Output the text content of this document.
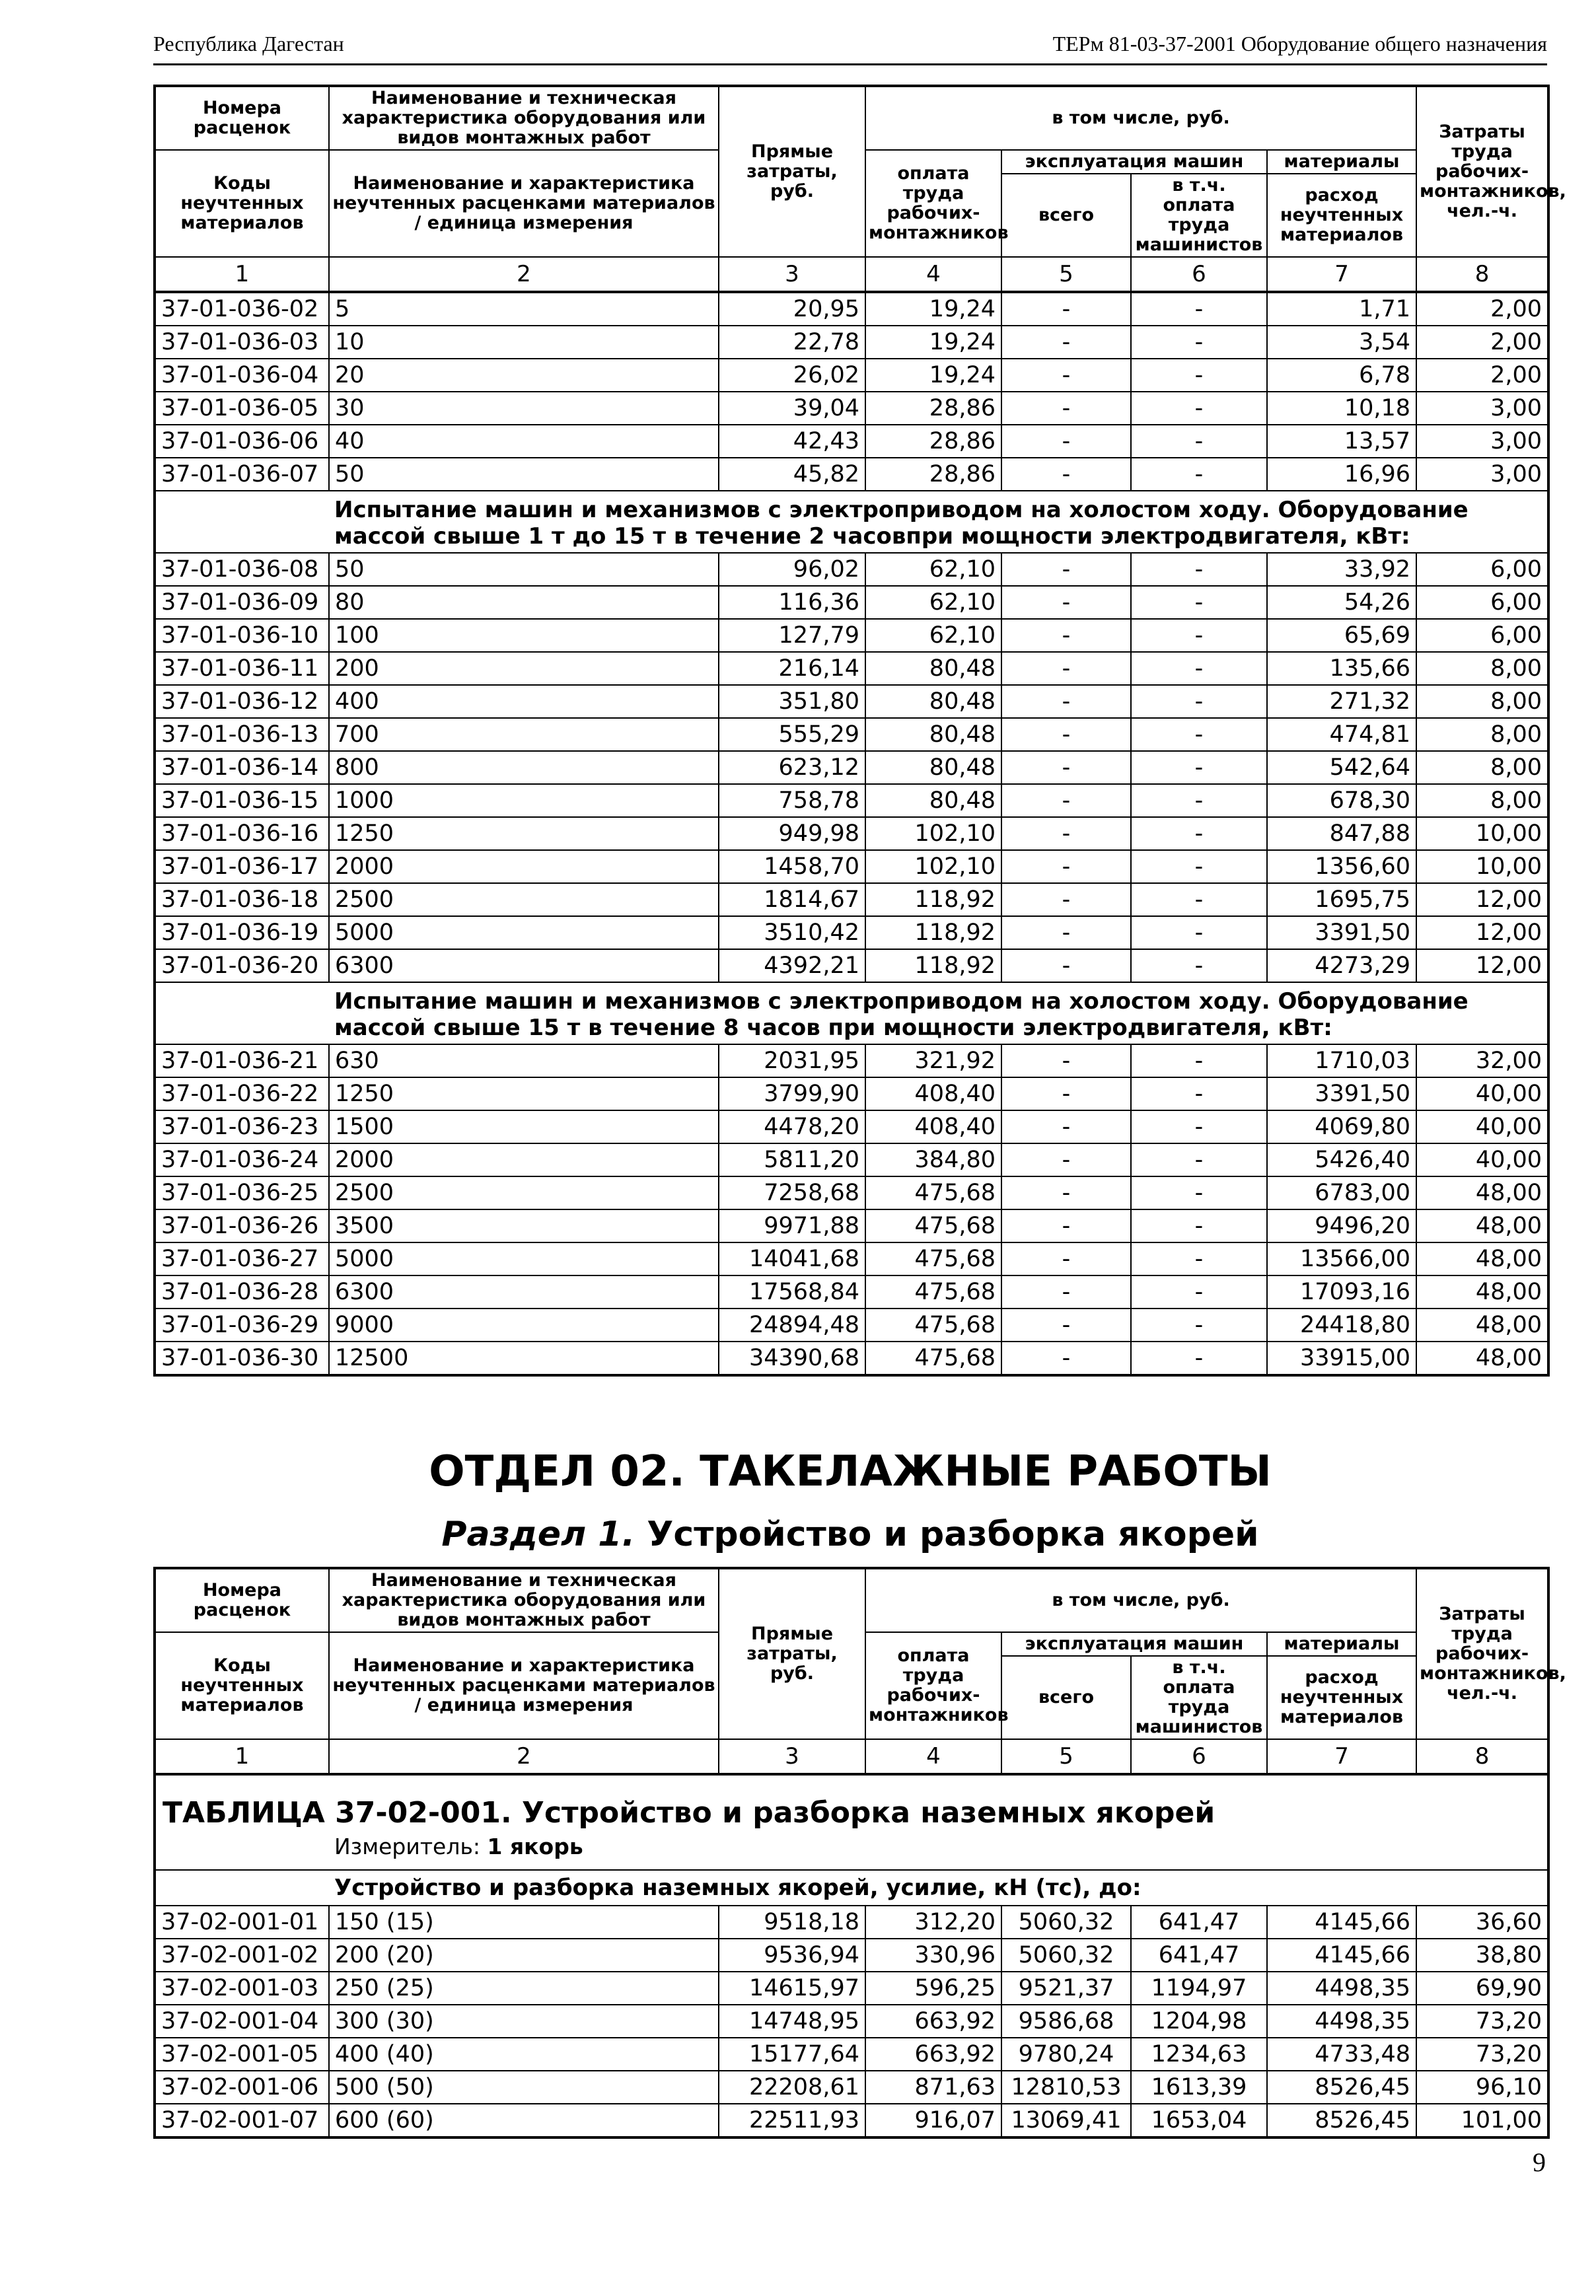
Республика Дагестан	ТЕРм 81-03-37-2001 Оборудование общего назначения
Номера расценок	Наименование и техническая характеристика оборудования или видов монтажных работ	Прямые затраты, руб.	в том числе, руб.				Затраты труда рабочих-монтажников, чел.-ч.
Коды неучтенных материалов	Наименование и характеристика неучтенных расценками материалов / единица измерения		оплата труда рабочих-монтажников	эксплуатация машин		материалы	
				всего	в т.ч. оплата труда машинистов	расход неучтенных материалов	
1	2	3	4	5	6	7	8
37-01-036-02	5	20,95	19,24	-	-	1,71	2,00
37-01-036-03	10	22,78	19,24	-	-	3,54	2,00
37-01-036-04	20	26,02	19,24	-	-	6,78	2,00
37-01-036-05	30	39,04	28,86	-	-	10,18	3,00
37-01-036-06	40	42,43	28,86	-	-	13,57	3,00
37-01-036-07	50	45,82	28,86	-	-	16,96	3,00
Испытание машин и механизмов с электроприводом на холостом ходу. Оборудование массой свыше 1 т до 15 т в течение 2 часовпри мощности электродвигателя, кВт:							
37-01-036-08	50	96,02	62,10	-	-	33,92	6,00
37-01-036-09	80	116,36	62,10	-	-	54,26	6,00
37-01-036-10	100	127,79	62,10	-	-	65,69	6,00
37-01-036-11	200	216,14	80,48	-	-	135,66	8,00
37-01-036-12	400	351,80	80,48	-	-	271,32	8,00
37-01-036-13	700	555,29	80,48	-	-	474,81	8,00
37-01-036-14	800	623,12	80,48	-	-	542,64	8,00
37-01-036-15	1000	758,78	80,48	-	-	678,30	8,00
37-01-036-16	1250	949,98	102,10	-	-	847,88	10,00
37-01-036-17	2000	1458,70	102,10	-	-	1356,60	10,00
37-01-036-18	2500	1814,67	118,92	-	-	1695,75	12,00
37-01-036-19	5000	3510,42	118,92	-	-	3391,50	12,00
37-01-036-20	6300	4392,21	118,92	-	-	4273,29	12,00
Испытание машин и механизмов с электроприводом на холостом ходу. Оборудование массой свыше 15 т в течение 8 часов при мощности электродвигателя, кВт:							
37-01-036-21	630	2031,95	321,92	-	-	1710,03	32,00
37-01-036-22	1250	3799,90	408,40	-	-	3391,50	40,00
37-01-036-23	1500	4478,20	408,40	-	-	4069,80	40,00
37-01-036-24	2000	5811,20	384,80	-	-	5426,40	40,00
37-01-036-25	2500	7258,68	475,68	-	-	6783,00	48,00
37-01-036-26	3500	9971,88	475,68	-	-	9496,20	48,00
37-01-036-27	5000	14041,68	475,68	-	-	13566,00	48,00
37-01-036-28	6300	17568,84	475,68	-	-	17093,16	48,00
37-01-036-29	9000	24894,48	475,68	-	-	24418,80	48,00
37-01-036-30	12500	34390,68	475,68	-	-	33915,00	48,00
ОТДЕЛ 02. ТАКЕЛАЖНЫЕ РАБОТЫ
Раздел 1. Устройство и разборка якорей
Номера расценок	Наименование и техническая характеристика оборудования или видов монтажных работ	Прямые затраты, руб.	в том числе, руб.				Затраты труда рабочих-монтажников, чел.-ч.
Коды неучтенных материалов	Наименование и характеристика неучтенных расценками материалов / единица измерения		оплата труда рабочих-монтажников	эксплуатация машин		материалы	
				всего	в т.ч. оплата труда машинистов	расход неучтенных материалов	
1	2	3	4	5	6	7	8

ТАБЛИЦА 37-02-001. Устройство и разборка наземных якорей
Измеритель: 1 якорь							

Устройство и разборка наземных якорей, усилие, кН (тс), до:							
37-02-001-01	150 (15)	9518,18	312,20	5060,32	641,47	4145,66	36,60
37-02-001-02	200 (20)	9536,94	330,96	5060,32	641,47	4145,66	38,80
37-02-001-03	250 (25)	14615,97	596,25	9521,37	1194,97	4498,35	69,90
37-02-001-04	300 (30)	14748,95	663,92	9586,68	1204,98	4498,35	73,20
37-02-001-05	400 (40)	15177,64	663,92	9780,24	1234,63	4733,48	73,20
37-02-001-06	500 (50)	22208,61	871,63	12810,53	1613,39	8526,45	96,10
37-02-001-07	600 (60)	22511,93	916,07	13069,41	1653,04	8526,45	101,00
9
